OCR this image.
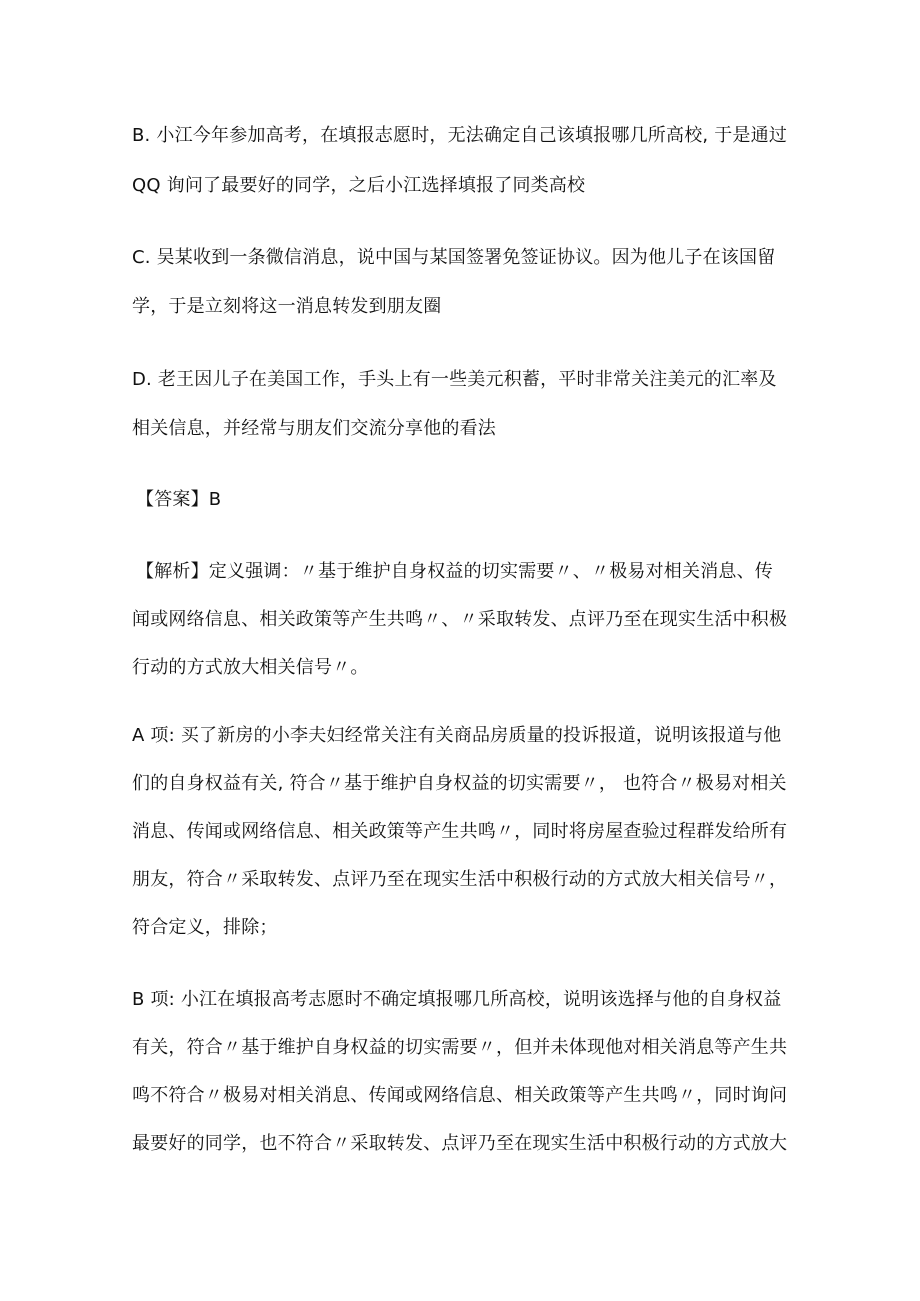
B. 小江今年参加高考，在填报志愿时，无法确定自己该填报哪几所高校, 于是通过
QQ 询问了最要好的同学，之后小江选择填报了同类高校
C. 吴某收到一条微信消息，说中国与某国签署免签证协议。因为他儿子在该国留
学，于是立刻将这一消息转发到朋友圈
D. 老王因儿子在美国工作，手头上有一些美元积蓄，平时非常关注美元的汇率及
相关信息，并经常与朋友们交流分享他的看法
【答案】B
【解析】定义强调：〃基于维护自身权益的切实需要〃、〃极易对相关消息、传
闻或网络信息、相关政策等产生共鸣〃、〃采取转发、点评乃至在现实生活中积极
行动的方式放大相关信号〃。
A 项: 买了新房的小李夫妇经常关注有关商品房质量的投诉报道，说明该报道与他
们的自身权益有关, 符合〃基于维护自身权益的切实需要〃， 也符合〃极易对相关
消息、传闻或网络信息、相关政策等产生共鸣〃，同时将房屋查验过程群发给所有
朋友，符合〃采取转发、点评乃至在现实生活中积极行动的方式放大相关信号〃，
符合定义，排除；
B 项: 小江在填报高考志愿时不确定填报哪几所高校，说明该选择与他的自身权益
有关，符合〃基于维护自身权益的切实需要〃，但并未体现他对相关消息等产生共
鸣不符合〃极易对相关消息、传闻或网络信息、相关政策等产生共鸣〃，同时询问
最要好的同学，也不符合〃采取转发、点评乃至在现实生活中积极行动的方式放大
